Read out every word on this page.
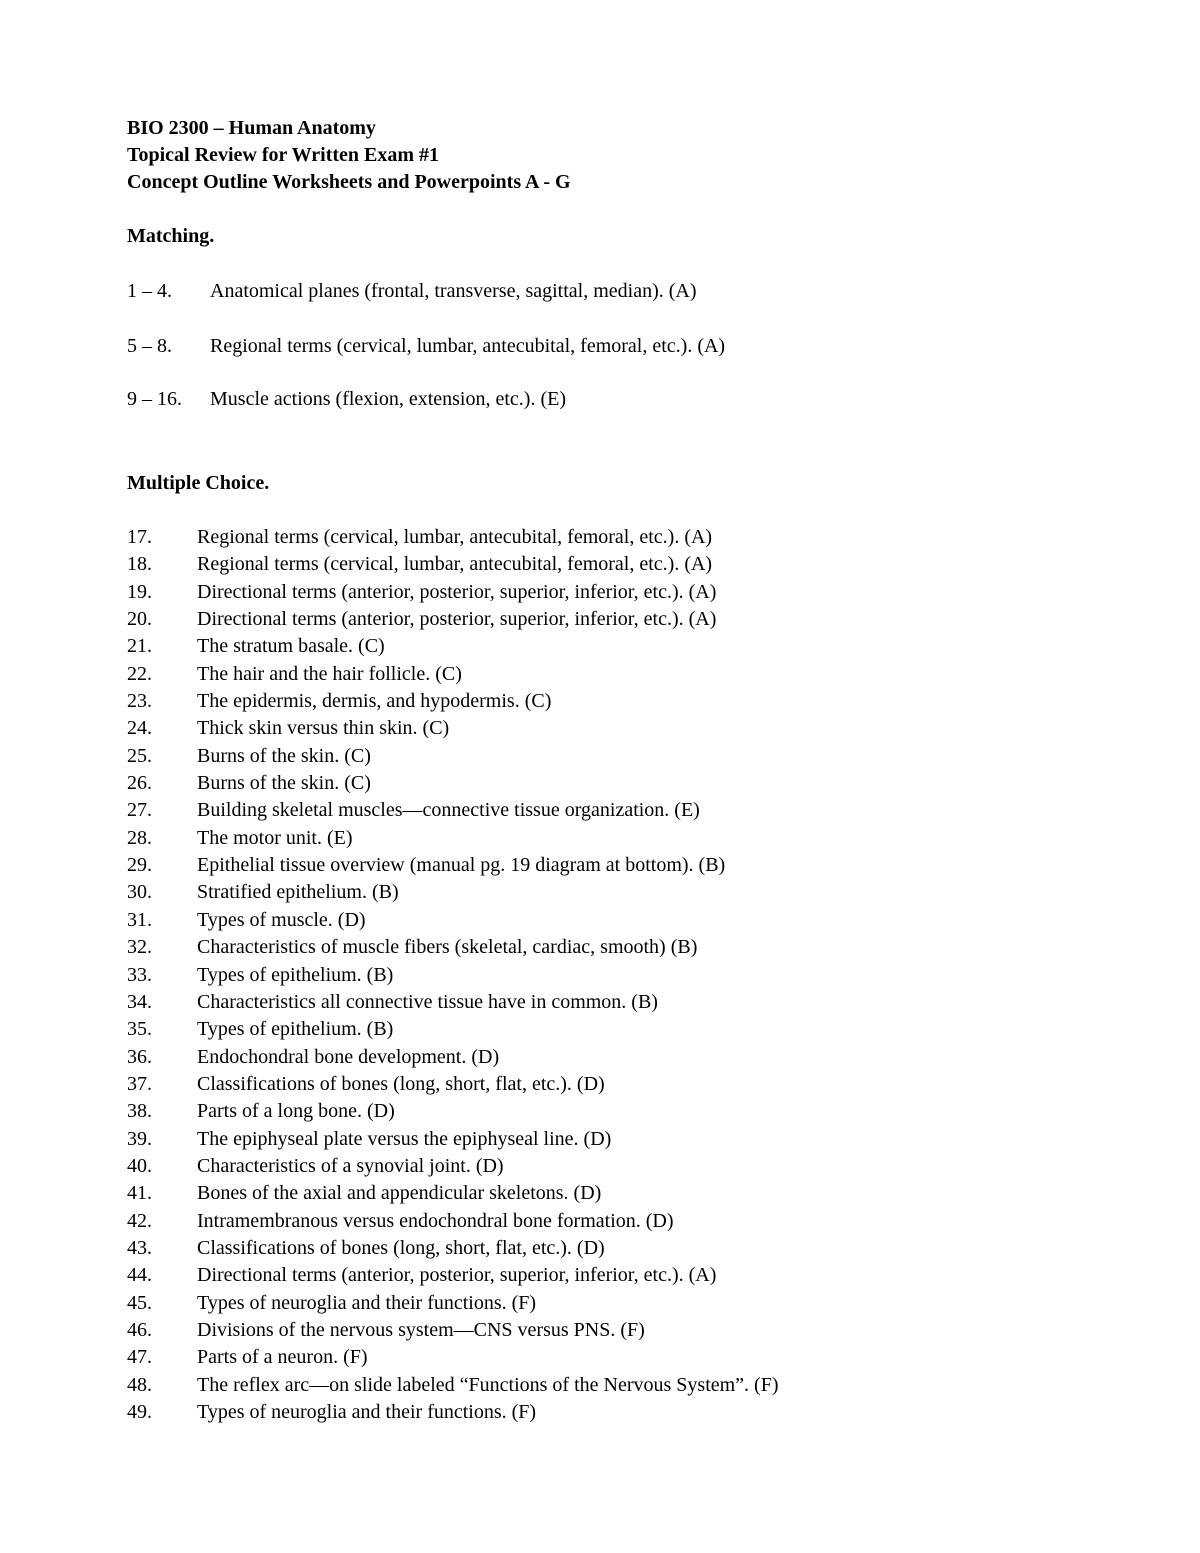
BIO 2300 – Human Anatomy
Topical Review for Written Exam #1
Concept Outline Worksheets and Powerpoints A - G
Matching.
1 – 4. Anatomical planes (frontal, transverse, sagittal, median). (A)
5 – 8. Regional terms (cervical, lumbar, antecubital, femoral, etc.). (A)
9 – 16. Muscle actions (flexion, extension, etc.). (E)
Multiple Choice.
17. Regional terms (cervical, lumbar, antecubital, femoral, etc.). (A)
18. Regional terms (cervical, lumbar, antecubital, femoral, etc.). (A)
19. Directional terms (anterior, posterior, superior, inferior, etc.). (A)
20. Directional terms (anterior, posterior, superior, inferior, etc.). (A)
21. The stratum basale. (C)
22. The hair and the hair follicle. (C)
23. The epidermis, dermis, and hypodermis. (C)
24. Thick skin versus thin skin. (C)
25. Burns of the skin. (C)
26. Burns of the skin. (C)
27. Building skeletal muscles—connective tissue organization. (E)
28. The motor unit. (E)
29. Epithelial tissue overview (manual pg. 19 diagram at bottom). (B)
30. Stratified epithelium. (B)
31. Types of muscle. (D)
32. Characteristics of muscle fibers (skeletal, cardiac, smooth) (B)
33. Types of epithelium. (B)
34. Characteristics all connective tissue have in common. (B)
35. Types of epithelium. (B)
36. Endochondral bone development. (D)
37. Classifications of bones (long, short, flat, etc.). (D)
38. Parts of a long bone. (D)
39. The epiphyseal plate versus the epiphyseal line. (D)
40. Characteristics of a synovial joint. (D)
41. Bones of the axial and appendicular skeletons. (D)
42. Intramembranous versus endochondral bone formation. (D)
43. Classifications of bones (long, short, flat, etc.). (D)
44. Directional terms (anterior, posterior, superior, inferior, etc.). (A)
45. Types of neuroglia and their functions. (F)
46. Divisions of the nervous system—CNS versus PNS. (F)
47. Parts of a neuron. (F)
48. The reflex arc—on slide labeled “Functions of the Nervous System”. (F)
49. Types of neuroglia and their functions. (F)
